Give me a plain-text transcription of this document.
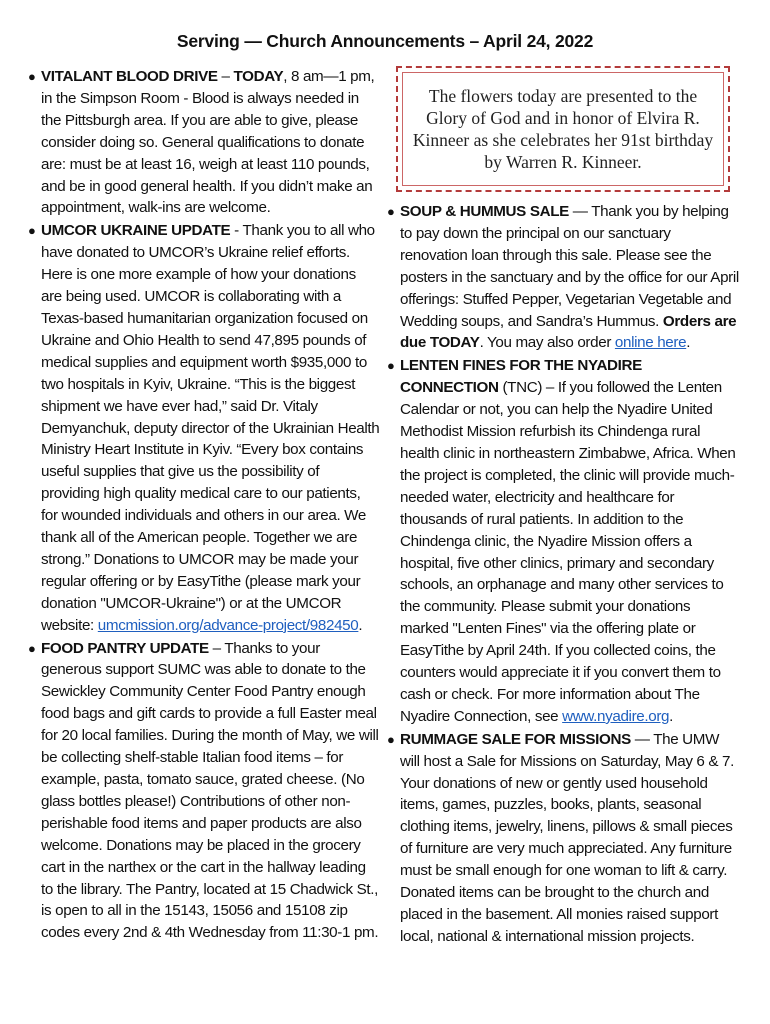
Serving — Church Announcements – April 24, 2022

● VITALANT BLOOD DRIVE – TODAY, 8 am—1 pm, in the Simpson Room - Blood is always needed in the Pittsburgh area. If you are able to give, please consider doing so. General qualifications to donate are: must be at least 16, weigh at least 110 pounds, and be in good general health. If you didn’t make an appointment, walk-ins are welcome.

● UMCOR UKRAINE UPDATE - Thank you to all who have donated to UMCOR’s Ukraine relief efforts. Here is one more example of how your donations are being used. UMCOR is collaborating with a Texas-based humanitarian organization focused on Ukraine and Ohio Health to send 47,895 pounds of medical supplies and equipment worth $935,000 to two hospitals in Kyiv, Ukraine. “This is the biggest shipment we have ever had,” said Dr. Vitaly Demyanchuk, deputy director of the Ukrainian Health Ministry Heart Institute in Kyiv. “Every box contains useful supplies that give us the possibility of providing high quality medical care to our patients, for wounded individuals and others in our area. We thank all of the American people. Together we are strong.” Donations to UMCOR may be made your regular offering or by EasyTithe (please mark your donation "UMCOR-Ukraine") or at the UMCOR website: umcmission.org/advance-project/982450.

● FOOD PANTRY UPDATE – Thanks to your generous support SUMC was able to donate to the Sewickley Community Center Food Pantry enough food bags and gift cards to provide a full Easter meal for 20 local families. During the month of May, we will be collecting shelf-stable Italian food items – for example, pasta, tomato sauce, grated cheese. (No glass bottles please!) Contributions of other non-perishable food items and paper products are also welcome. Donations may be placed in the grocery cart in the narthex or the cart in the hallway leading to the library. The Pantry, located at 15 Chadwick St., is open to all in the 15143, 15056 and 15108 zip codes every 2nd & 4th Wednesday from 11:30-1 pm.

The flowers today are presented to the Glory of God and in honor of Elvira R. Kinneer as she celebrates her 91st birthday by Warren R. Kinneer.

● SOUP & HUMMUS SALE — Thank you by helping to pay down the principal on our sanctuary renovation loan through this sale. Please see the posters in the sanctuary and by the office for our April offerings: Stuffed Pepper, Vegetarian Vegetable and Wedding soups, and Sandra’s Hummus. Orders are due TODAY. You may also order online here.

● LENTEN FINES FOR THE NYADIRE CONNECTION (TNC) – If you followed the Lenten Calendar or not, you can help the Nyadire United Methodist Mission refurbish its Chindenga rural health clinic in northeastern Zimbabwe, Africa. When the project is completed, the clinic will provide much-needed water, electricity and healthcare for thousands of rural patients. In addition to the Chindenga clinic, the Nyadire Mission offers a hospital, five other clinics, primary and secondary schools, an orphanage and many other services to the community. Please submit your donations marked "Lenten Fines" via the offering plate or EasyTithe by April 24th. If you collected coins, the counters would appreciate it if you convert them to cash or check. For more information about The Nyadire Connection, see www.nyadire.org.

● RUMMAGE SALE FOR MISSIONS — The UMW will host a Sale for Missions on Saturday, May 6 & 7. Your donations of new or gently used household items, games, puzzles, books, plants, seasonal clothing items, jewelry, linens, pillows & small pieces of furniture are very much appreciated. Any furniture must be small enough for one woman to lift & carry. Donated items can be brought to the church and placed in the basement. All monies raised support local, national & international mission projects.
